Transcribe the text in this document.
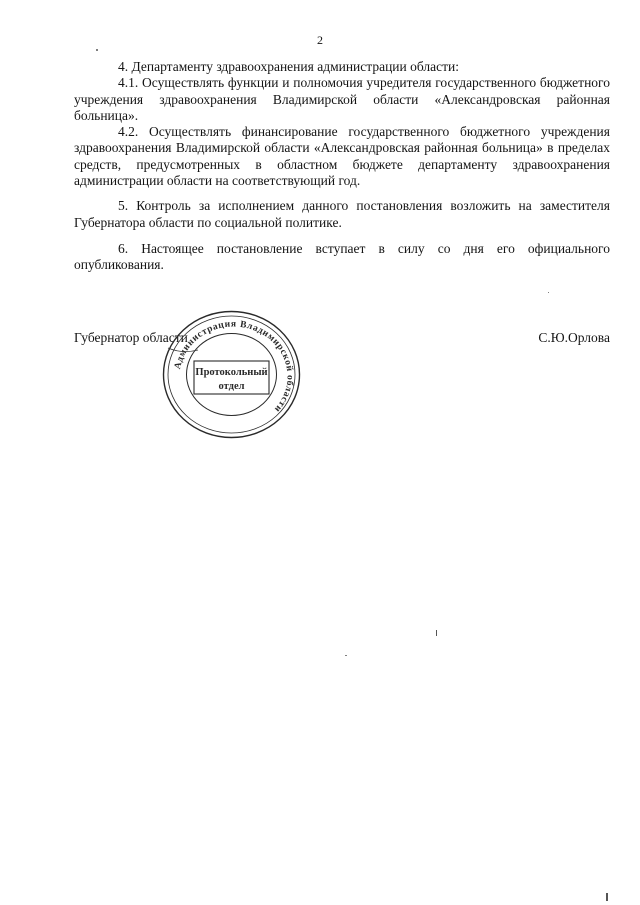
2

4. Департаменту здравоохранения администрации области:

4.1. Осуществлять функции и полномочия учредителя государственного бюджетного учреждения здравоохранения Владимирской области «Александровская районная больница».

4.2. Осуществлять финансирование государственного бюджетного учреждения здравоохранения Владимирской области «Александровская районная больница» в пределах средств, предусмотренных в областном бюджете департаменту здравоохранения администрации области на соответствующий год.

5. Контроль за исполнением данного постановления возложить на заместителя Губернатора области по социальной политике.

6. Настоящее постановление вступает в силу со дня его официального опубликования.

Губернатор области	С.Ю.Орлова
Администрация Владимирской области
Протокольный
отдел
